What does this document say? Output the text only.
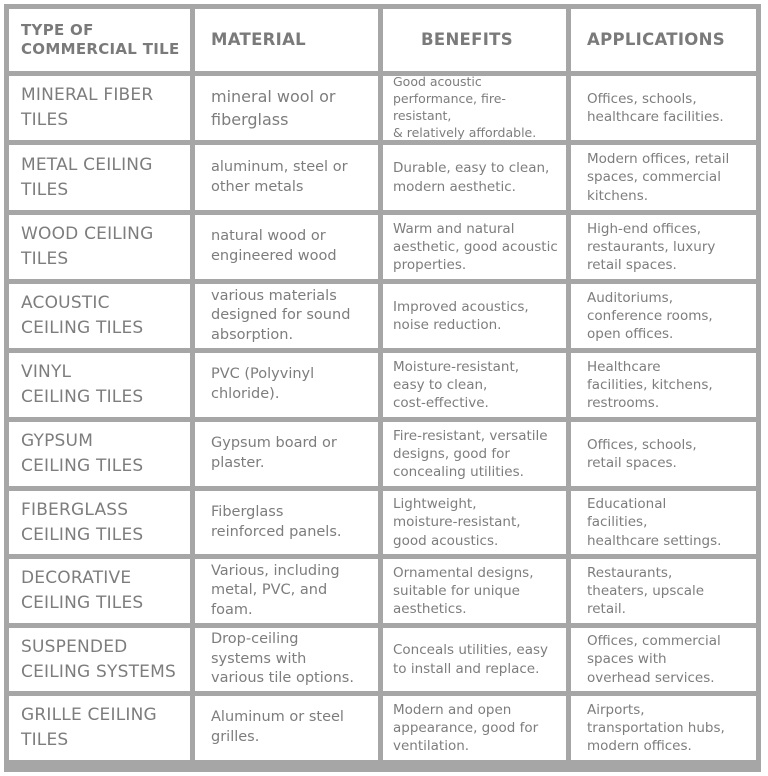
TYPE OF
COMMERCIAL TILE MATERIAL	BENEFITS	APPLICATIONS
MINERAL FIBER
TILES
mineral wool or
fiberglass
Good acoustic
performance, fire-resistant,
& relatively affordable.
Offices, schools,
healthcare facilities.
METAL CEILING
TILES
aluminum, steel or
other metals
Durable, easy to clean,
modern aesthetic.
Modern offices, retail
spaces, commercial
kitchens.
WOOD CEILING
TILES
natural wood or
engineered wood
Warm and natural
aesthetic, good acoustic
properties.
High-end offices,
restaurants, luxury
retail spaces.
ACOUSTIC
CEILING TILES
various materials
designed for sound
absorption.
Improved acoustics,
noise reduction.
Auditoriums,
conference rooms,
open offices.
VINYL
CEILING TILES
PVC (Polyvinyl
chloride).
Moisture-resistant,
easy to clean,
cost-effective.
Healthcare
facilities, kitchens,
restrooms.
GYPSUM
CEILING TILES
Gypsum board or
plaster.
Fire-resistant, versatile
designs, good for
concealing utilities.
Offices, schools,
retail spaces.
FIBERGLASS
CEILING TILES
Fiberglass
reinforced panels.
Lightweight,
moisture-resistant,
good acoustics.
Educational
facilities,
healthcare settings.
DECORATIVE
CEILING TILES
Various, including
metal, PVC, and
foam.
Ornamental designs,
suitable for unique
aesthetics.
Restaurants,
theaters, upscale
retail.
SUSPENDED
CEILING SYSTEMS
Drop-ceiling
systems with
various tile options.
Conceals utilities, easy
to install and replace.
Offices, commercial
spaces with
overhead services.
GRILLE CEILING
TILES
Aluminum or steel
grilles.
Modern and open
appearance, good for
ventilation.
Airports,
transportation hubs,
modern offices.
